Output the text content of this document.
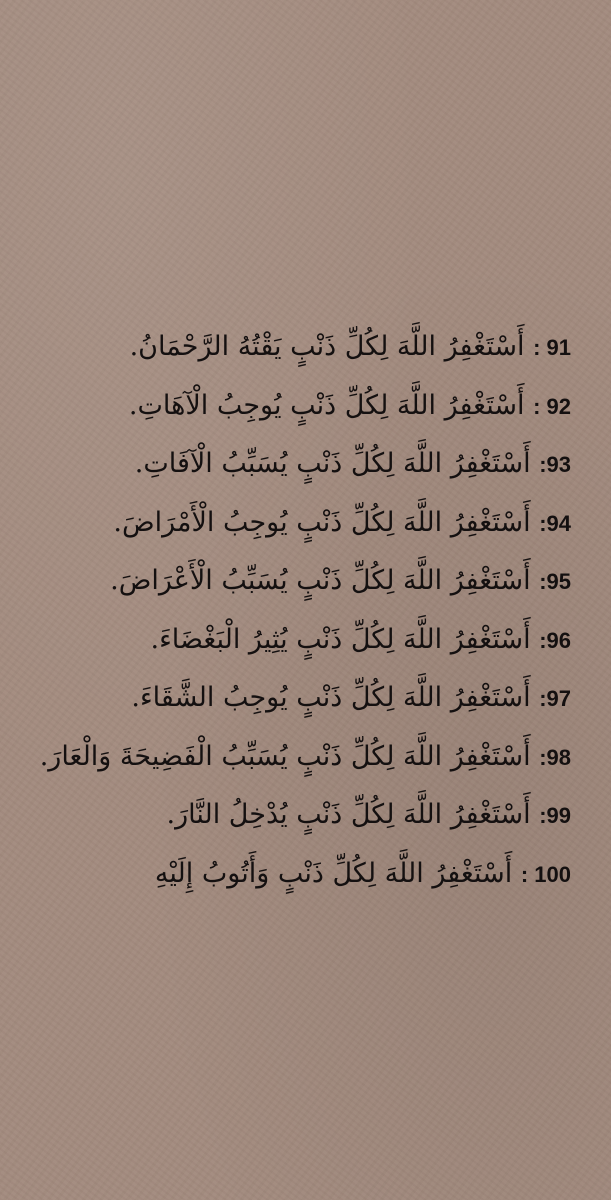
91 : أَسْتَغْفِرُ اللَّهَ لِكُلِّ ذَنْبٍ يَقْتُهُ الرَّحْمَانُ.
92 : أَسْتَغْفِرُ اللَّهَ لِكُلِّ ذَنْبٍ يُوجِبُ الْآهَاتِ.
93: أَسْتَغْفِرُ اللَّهَ لِكُلِّ ذَنْبٍ يُسَبِّبُ الْآفَاتِ.
94: أَسْتَغْفِرُ اللَّهَ لِكُلِّ ذَنْبٍ يُوجِبُ الْأَمْرَاضَ.
95: أَسْتَغْفِرُ اللَّهَ لِكُلِّ ذَنْبٍ يُسَبِّبُ الْأَعْرَاضَ.
96: أَسْتَغْفِرُ اللَّهَ لِكُلِّ ذَنْبٍ يُثِيرُ الْبَغْضَاءَ.
97: أَسْتَغْفِرُ اللَّهَ لِكُلِّ ذَنْبٍ يُوجِبُ الشَّقَاءَ.
98: أَسْتَغْفِرُ اللَّهَ لِكُلِّ ذَنْبٍ يُسَبِّبُ الْفَضِيحَةَ وَالْعَارَ.
99: أَسْتَغْفِرُ اللَّهَ لِكُلِّ ذَنْبٍ يُدْخِلُ النَّارَ.
100 : أَسْتَغْفِرُ اللَّهَ لِكُلِّ ذَنْبٍ وَأَتُوبُ إِلَيْهِ
